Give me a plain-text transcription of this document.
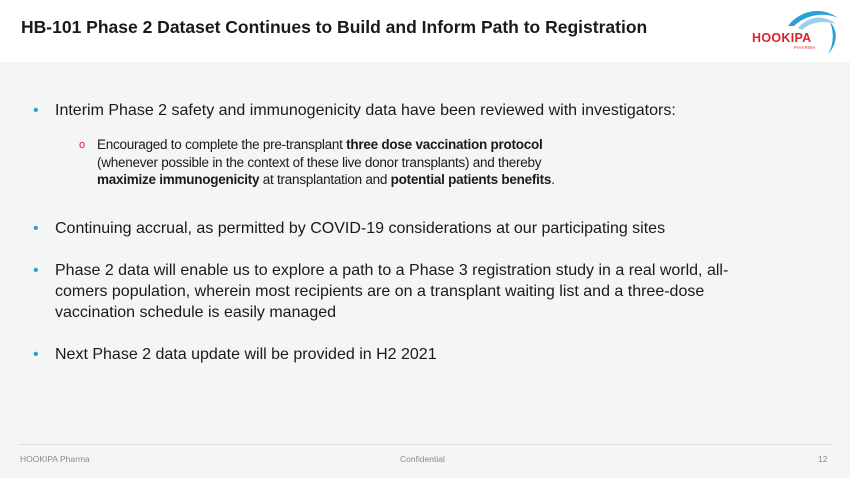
HB-101 Phase 2 Dataset Continues to Build and Inform Path to Registration
HOOKIPA
PHARMA
• Interim Phase 2 safety and immunogenicity data have been reviewed with investigators:
o Encouraged to complete the pre-transplant three dose vaccination protocol
(whenever possible in the context of these live donor transplants) and thereby
maximize immunogenicity at transplantation and potential patients benefits.
• Continuing accrual, as permitted by COVID-19 considerations at our participating sites
• Phase 2 data will enable us to explore a path to a Phase 3 registration study in a real world, all-comers population, wherein most recipients are on a transplant waiting list and a three-dose vaccination schedule is easily managed
• Next Phase 2 data update will be provided in H2 2021
HOOKIPA Pharma	Confidential	12
